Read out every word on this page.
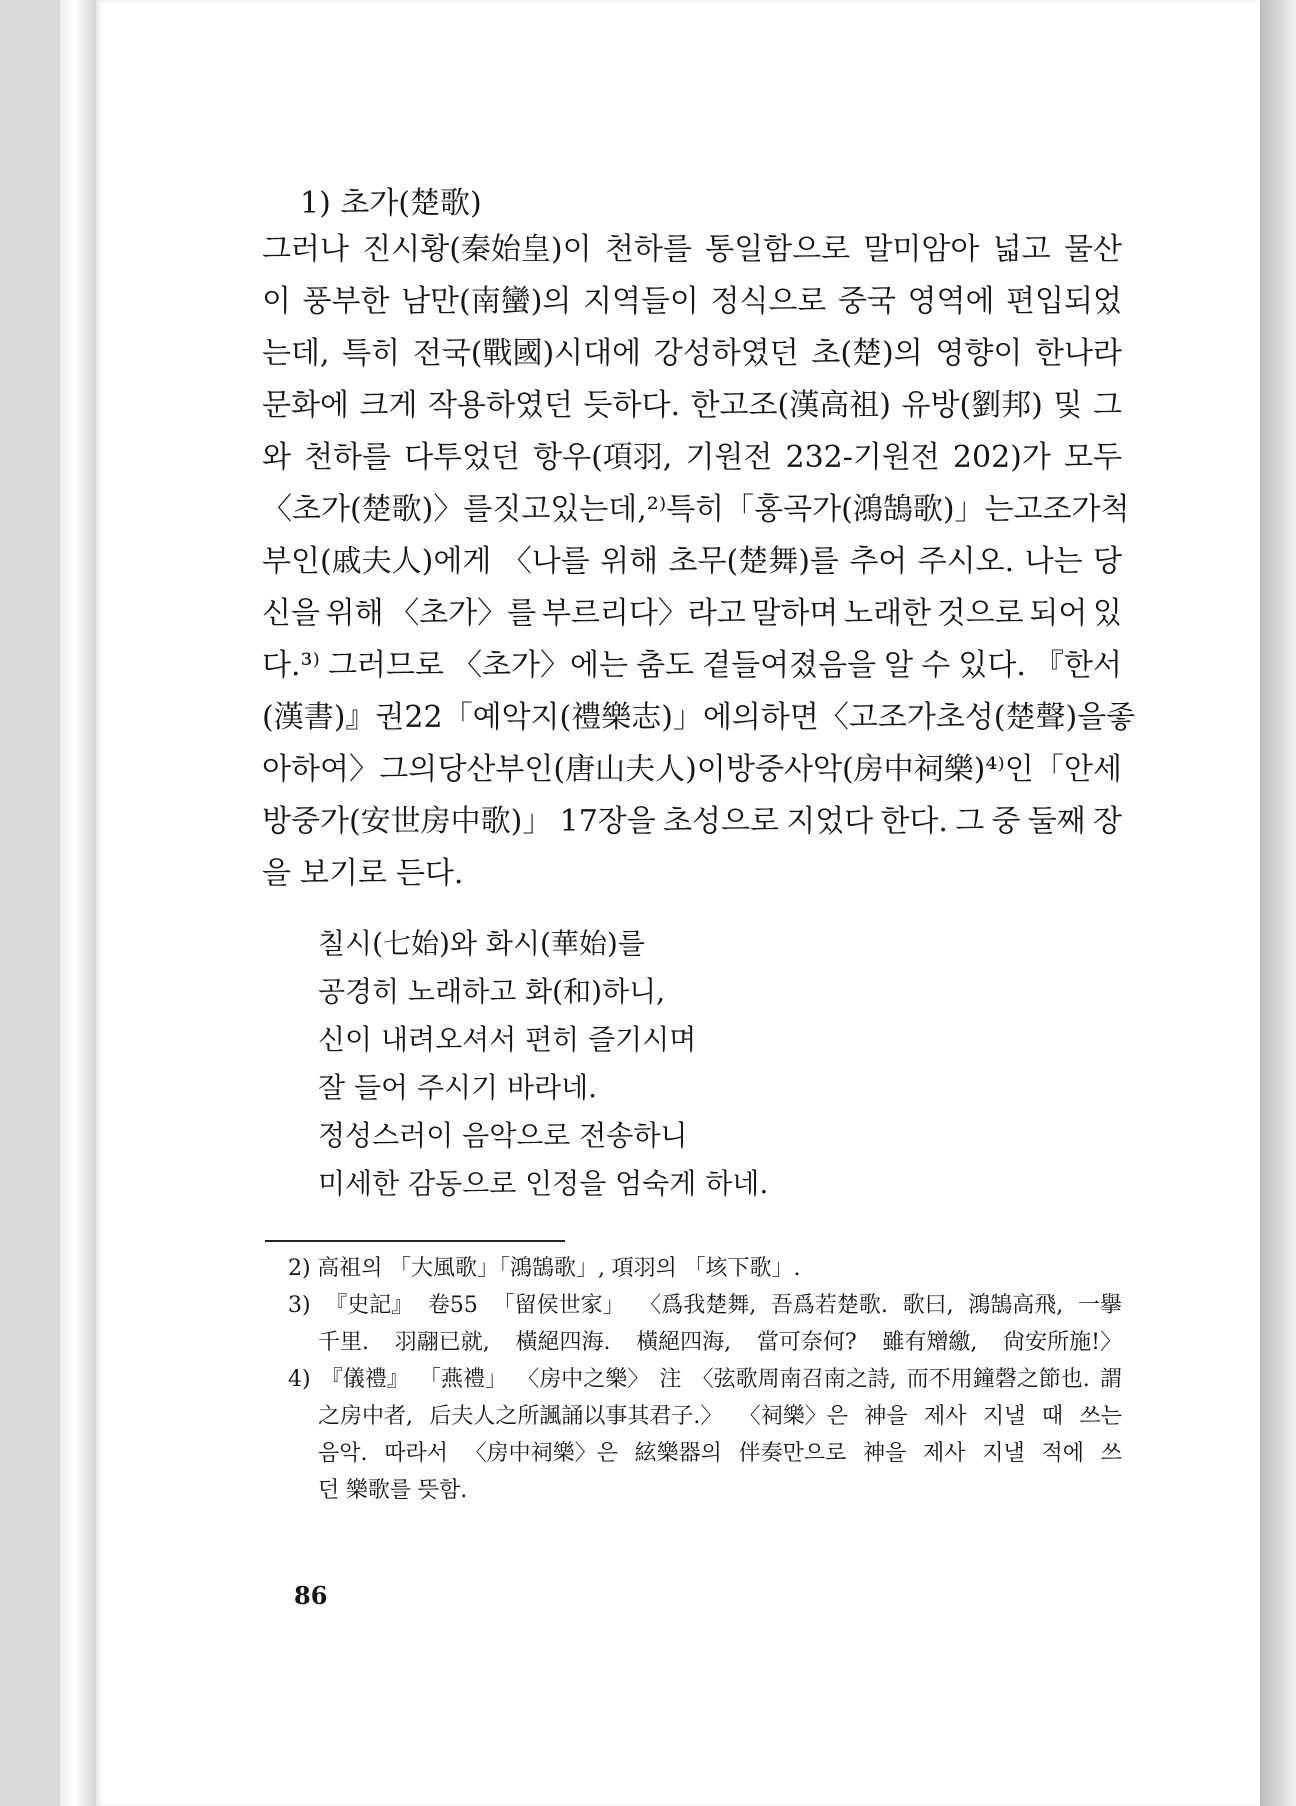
1) 초가(楚歌)
그러나 진시황(秦始皇)이 천하를 통일함으로 말미암아 넓고 물산
이 풍부한 남만(南蠻)의 지역들이 정식으로 중국 영역에 편입되었
는데, 특히 전국(戰國)시대에 강성하였던 초(楚)의 영향이 한나라
문화에 크게 작용하였던 듯하다. 한고조(漢高祖) 유방(劉邦) 및 그
와 천하를 다투었던 항우(項羽, 기원전 232-기원전 202)가 모두
〈초가(楚歌)〉를 짓고 있는데,²⁾ 특히 「홍곡가(鴻鵠歌)」는 고조가 척
부인(戚夫人)에게 〈나를 위해 초무(楚舞)를 추어 주시오. 나는 당
신을 위해 〈초가〉를 부르리다〉라고 말하며 노래한 것으로 되어 있
다.³⁾ 그러므로 〈초가〉에는 춤도 곁들여졌음을 알 수 있다. 『한서
(漢書)』 권 22 「예악지(禮樂志)」에 의하면 〈고조가 초성(楚聲)을 좋
아하여〉 그의 당산부인(唐山夫人)이 방중사악(房中祠樂)⁴⁾인 「안세
방중가(安世房中歌)」 17장을 초성으로 지었다 한다. 그 중 둘째 장
을 보기로 든다.
칠시(七始)와 화시(華始)를
공경히 노래하고 화(和)하니,
신이 내려오셔서 편히 즐기시며
잘 들어 주시기 바라네.
정성스러이 음악으로 전송하니
미세한 감동으로 인정을 엄숙게 하네.
2) 高祖의 「大風歌」「鴻鵠歌」, 項羽의 「垓下歌」.
3) 『史記』 卷55 「留侯世家」 〈爲我楚舞, 吾爲若楚歌. 歌曰, 鴻鵠高飛, 一擧
千里. 羽翮已就, 橫絕四海. 橫絕四海, 當可奈何? 雖有矰繳, 尙安所施!〉
4) 『儀禮』 「燕禮」 〈房中之樂〉 注 〈弦歌周南召南之詩, 而不用鐘磬之節也. 謂
之房中者, 后夫人之所諷誦以事其君子.〉 〈祠樂〉은 神을 제사 지낼 때 쓰는
음악. 따라서 〈房中祠樂〉은 絃樂器의 伴奏만으로 神을 제사 지낼 적에 쓰
던 樂歌를 뜻함.
86
